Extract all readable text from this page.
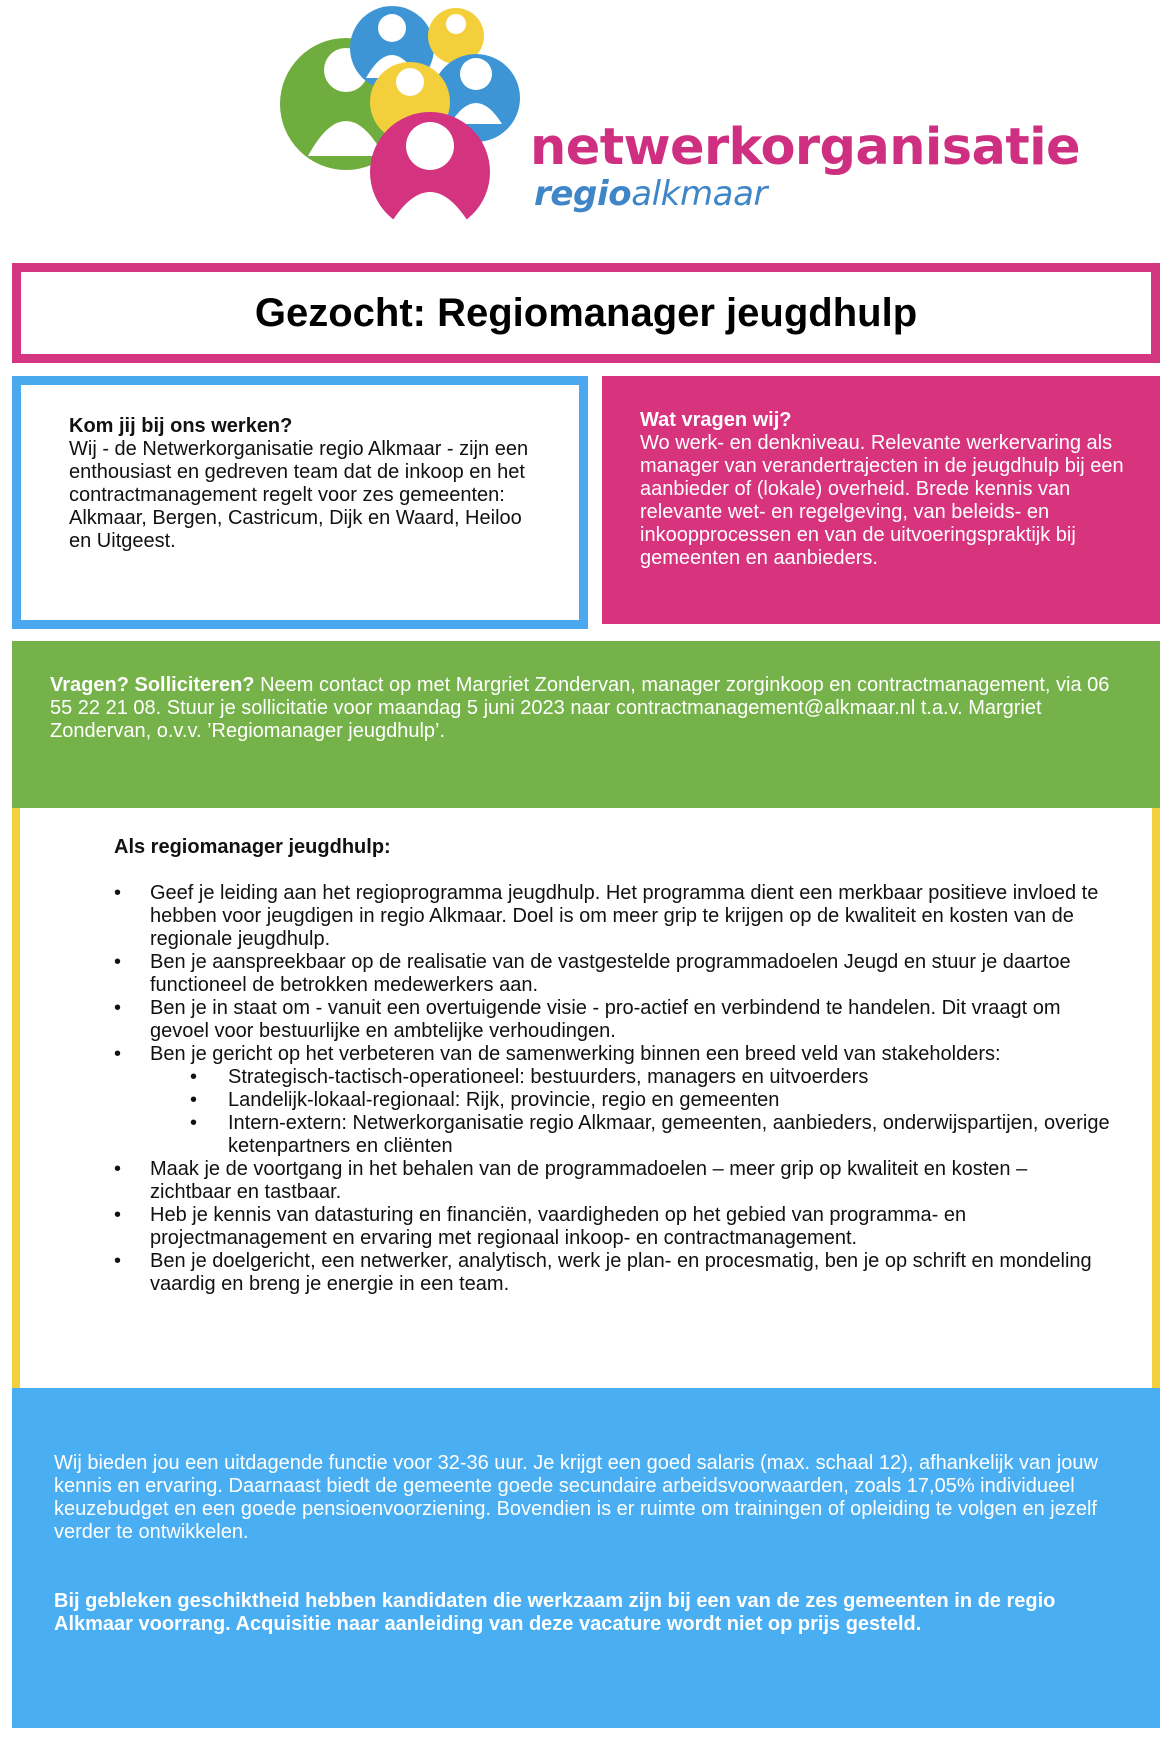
netwerkorganisatie
regioalkmaar
Gezocht: Regiomanager jeugdhulp
Kom jij bij ons werken?
Wij - de Netwerkorganisatie regio Alkmaar - zijn een enthousiast en gedreven team dat de inkoop en het contractmanagement regelt voor zes gemeenten: Alkmaar, Bergen, Castricum, Dijk en Waard, Heiloo en Uitgeest.
Wat vragen wij?
Wo werk- en denkniveau. Relevante werkervaring als manager van verandertrajecten in de jeugdhulp bij een aanbieder of (lokale) overheid. Brede kennis van relevante wet- en regelgeving, van beleids- en inkoopprocessen en van de uitvoeringspraktijk bij gemeenten en aanbieders.
Vragen? Solliciteren? Neem contact op met Margriet Zondervan, manager zorginkoop en contractmanagement, via 06 55 22 21 08. Stuur je sollicitatie voor maandag 5 juni 2023 naar contractmanagement@alkmaar.nl t.a.v. Margriet Zondervan, o.v.v. ’Regiomanager jeugdhulp’.
Als regiomanager jeugdhulp:
• Geef je leiding aan het regioprogramma jeugdhulp. Het programma dient een merkbaar positieve invloed te hebben voor jeugdigen in regio Alkmaar. Doel is om meer grip te krijgen op de kwaliteit en kosten van de regionale jeugdhulp.
• Ben je aanspreekbaar op de realisatie van de vastgestelde programmadoelen Jeugd en stuur je daartoe functioneel de betrokken medewerkers aan.
• Ben je in staat om - vanuit een overtuigende visie - pro-actief en verbindend te handelen. Dit vraagt om gevoel voor bestuurlijke en ambtelijke verhoudingen.
• Ben je gericht op het verbeteren van de samenwerking binnen een breed veld van stakeholders:
• Strategisch-tactisch-operationeel: bestuurders, managers en uitvoerders
• Landelijk-lokaal-regionaal: Rijk, provincie, regio en gemeenten
• Intern-extern: Netwerkorganisatie regio Alkmaar, gemeenten, aanbieders, onderwijspartijen, overige ketenpartners en cliënten
• Maak je de voortgang in het behalen van de programmadoelen – meer grip op kwaliteit en kosten – zichtbaar en tastbaar.
• Heb je kennis van datasturing en financiën, vaardigheden op het gebied van programma- en projectmanagement en ervaring met regionaal inkoop- en contractmanagement.
• Ben je doelgericht, een netwerker, analytisch, werk je plan- en procesmatig, ben je op schrift en mondeling vaardig en breng je energie in een team.

Wij bieden jou een uitdagende functie voor 32-36 uur. Je krijgt een goed salaris (max. schaal 12), afhankelijk van jouw kennis en ervaring. Daarnaast biedt de gemeente goede secundaire arbeidsvoorwaarden, zoals 17,05% individueel keuzebudget en een goede pensioenvoorziening. Bovendien is er ruimte om trainingen of opleiding te volgen en jezelf verder te ontwikkelen.

Bij gebleken geschiktheid hebben kandidaten die werkzaam zijn bij een van de zes gemeenten in de regio Alkmaar voorrang. Acquisitie naar aanleiding van deze vacature wordt niet op prijs gesteld.
